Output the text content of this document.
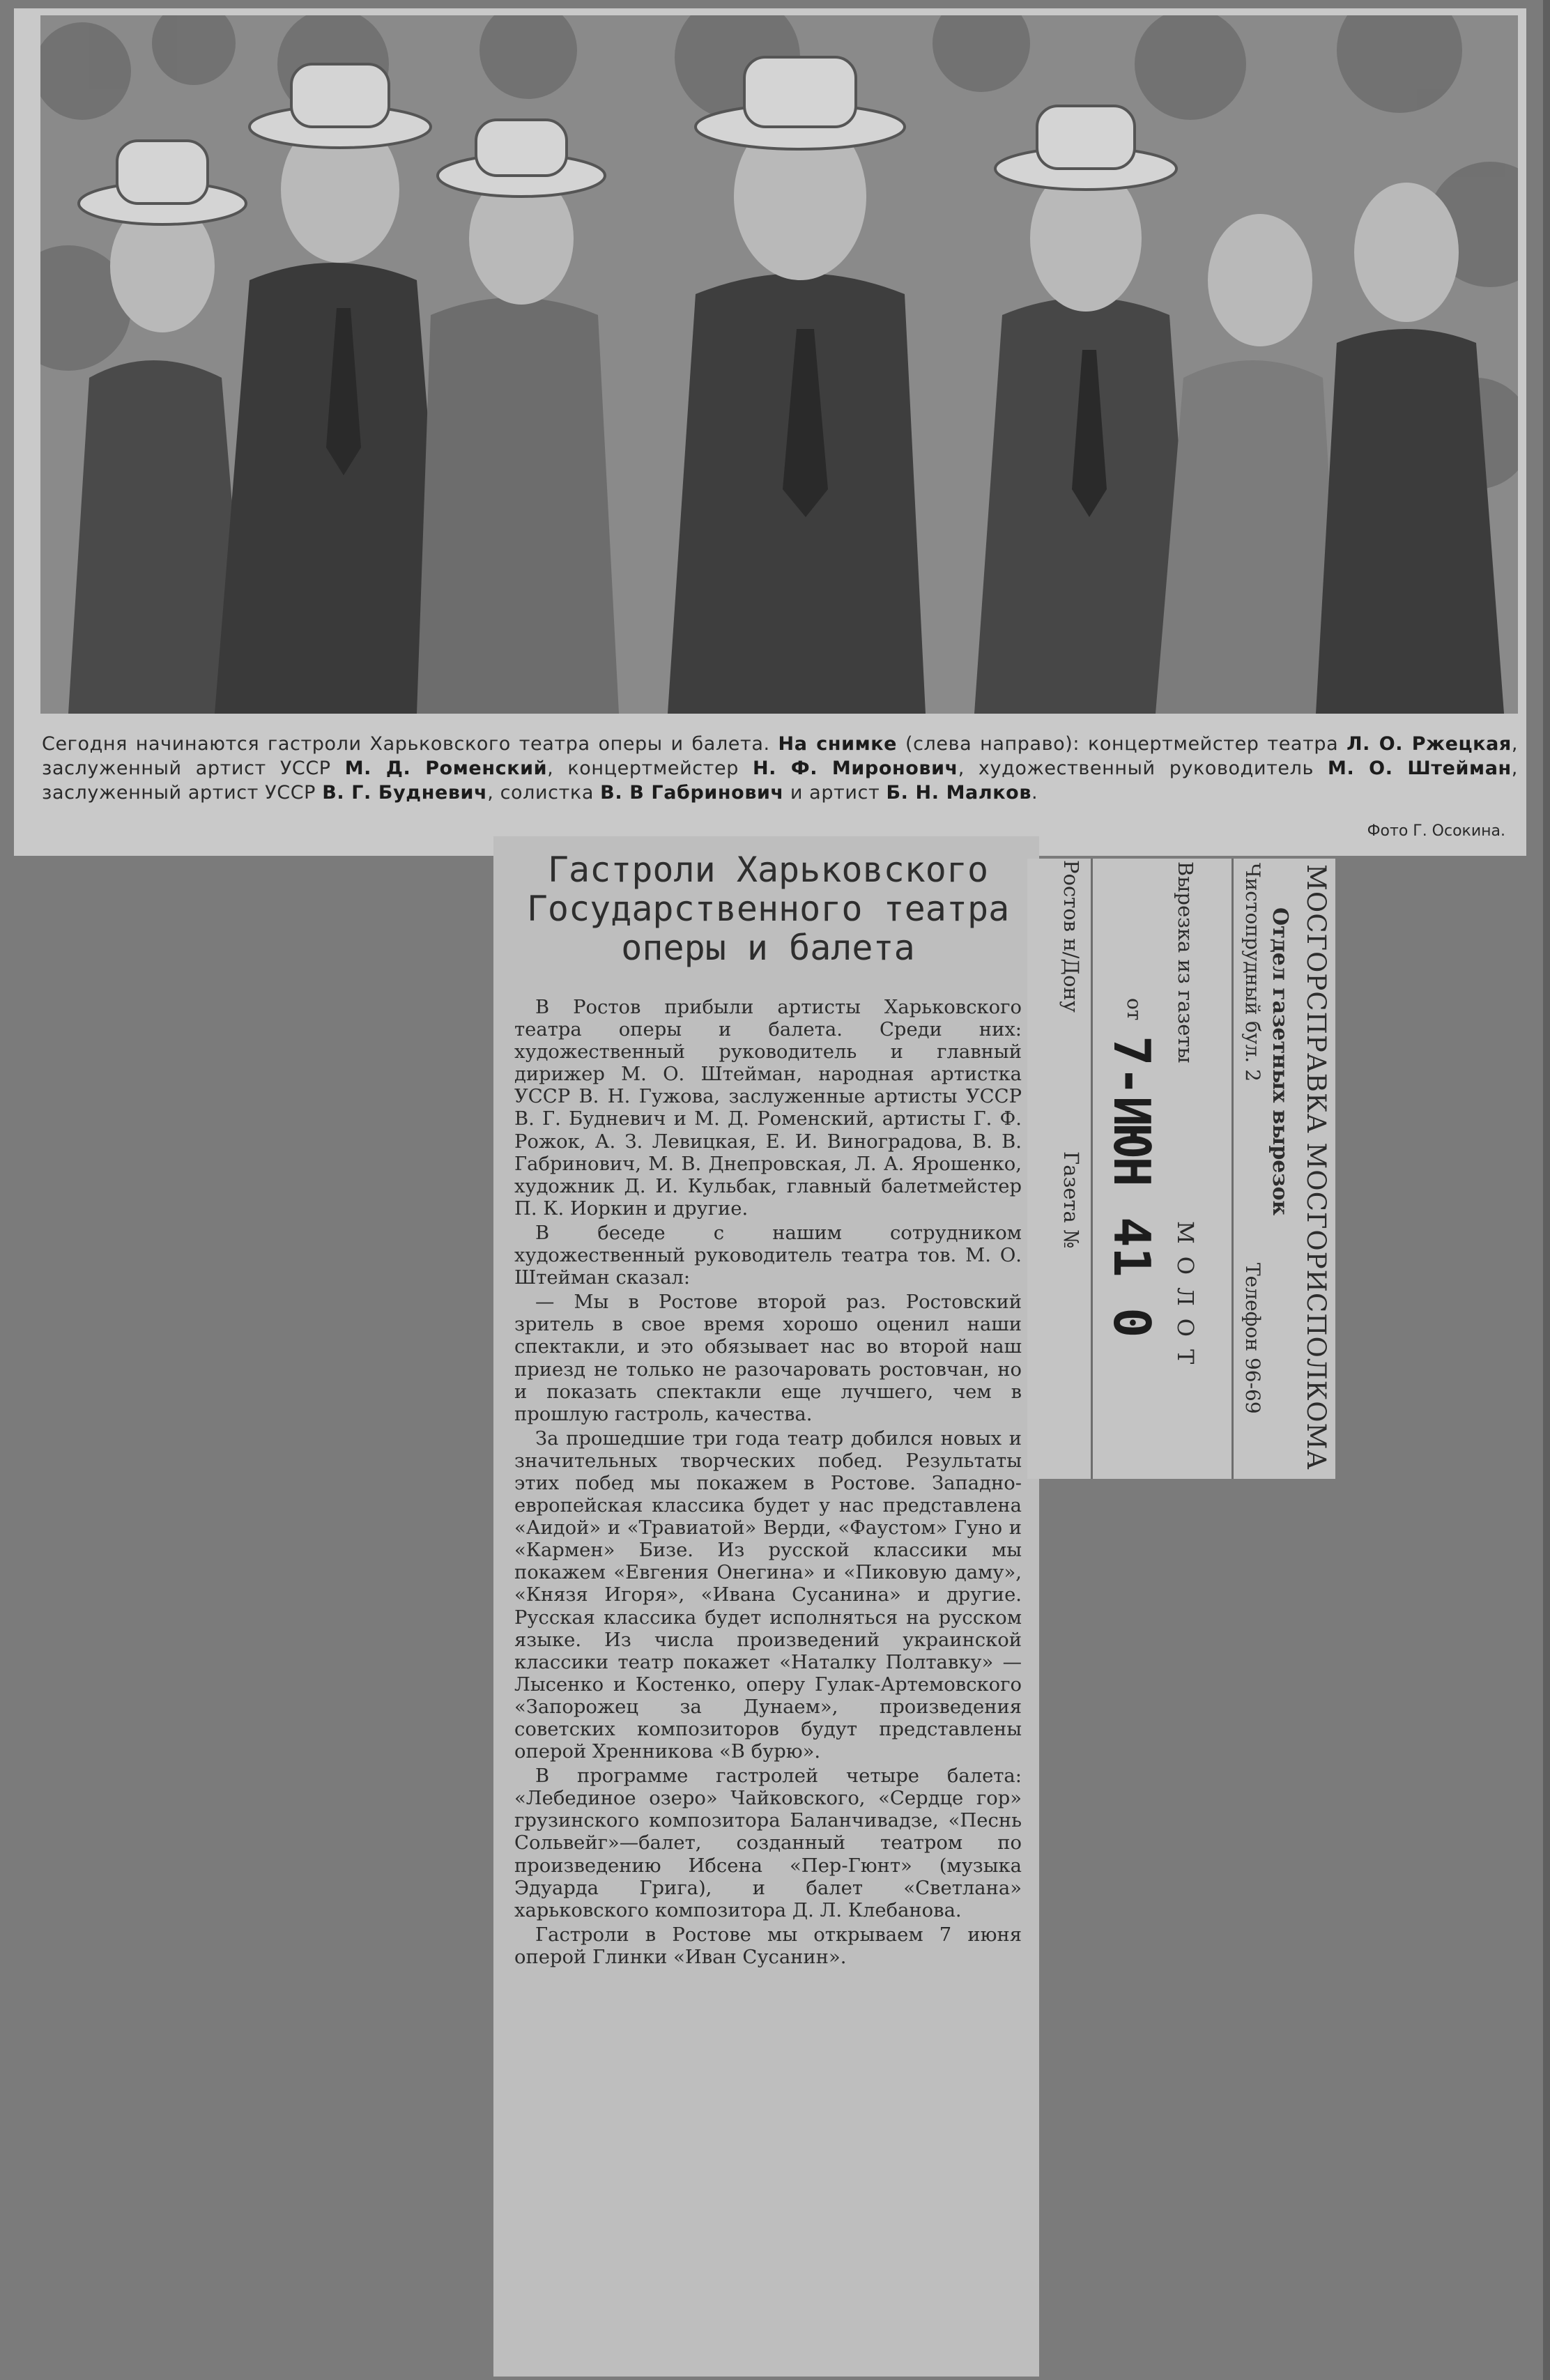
Сегодня начинаются гастроли Харьковского театра оперы и балета. На снимке (слева направо): концертмейстер театра Л. О. Ржецкая, заслуженный артист УССР М. Д. Роменский, концертмейстер Н. Ф. Миронович, художественный руководитель М. О. Штейман, заслуженный артист УССР В. Г. Будневич, солистка В. В Габринович и артист Б. Н. Малков.
Фото Г. Осокина.
Гастроли Харьковского Государственного театра оперы и балета

В Ростов прибыли артисты Харьковского театра оперы и балета. Среди них: художественный руководитель и главный дирижер М. О. Штейман, народная артистка УССР В. Н. Гужова, заслуженные артисты УССР В. Г. Будневич и М. Д. Роменский, артисты Г. Ф. Рожок, А. З. Левицкая, Е. И. Виноградова, В. В. Габринович, М. В. Днепровская, Л. А. Ярошенко, художник Д. И. Кульбак, главный балетмейстер П. К. Иоркин и другие.

В беседе с нашим сотрудником художественный руководитель театра тов. М. О. Штейман сказал:

— Мы в Ростове второй раз. Ростовский зритель в свое время хорошо оценил наши спектакли, и это обязывает нас во второй наш приезд не только не разочаровать ростовчан, но и показать спектакли еще лучшего, чем в прошлую гастроль, качества.

За прошедшие три года театр добился новых и значительных творческих побед. Результаты этих побед мы покажем в Ростове. Западно-европейская классика будет у нас представлена «Аидой» и «Травиатой» Верди, «Фаустом» Гуно и «Кармен» Бизе. Из русской классики мы покажем «Евгения Онегина» и «Пиковую даму», «Князя Игоря», «Ивана Сусанина» и другие. Русская классика будет исполняться на русском языке. Из числа произведений украинской классики театр покажет «Наталку Полтавку» — Лысенко и Костенко, оперу Гулак-Артемовского «Запорожец за Дунаем», произведения советских композиторов будут представлены оперой Хренникова «В бурю».

В программе гастролей четыре балета: «Лебединое озеро» Чайковского, «Сердце гор» грузинского композитора Баланчивадзе, «Песнь Сольвейг»—балет, созданный театром по произведению Ибсена «Пер-Гюнт» (музыка Эдуарда Грига), и балет «Светлана» харьковского композитора Д. Л. Клебанова.

Гастроли в Ростове мы открываем 7 июня оперой Глинки «Иван Сусанин».

МОСГОРСПРАВКА МОСГОРИСПОЛКОМА
Отдел газетных вырезок
Чистопрудный бул. 2
Телефон 96-69
Вырезка из газеты
МОЛОТ
от
7-ИЮН 41 0
Ростов н/Дону
Газета №
